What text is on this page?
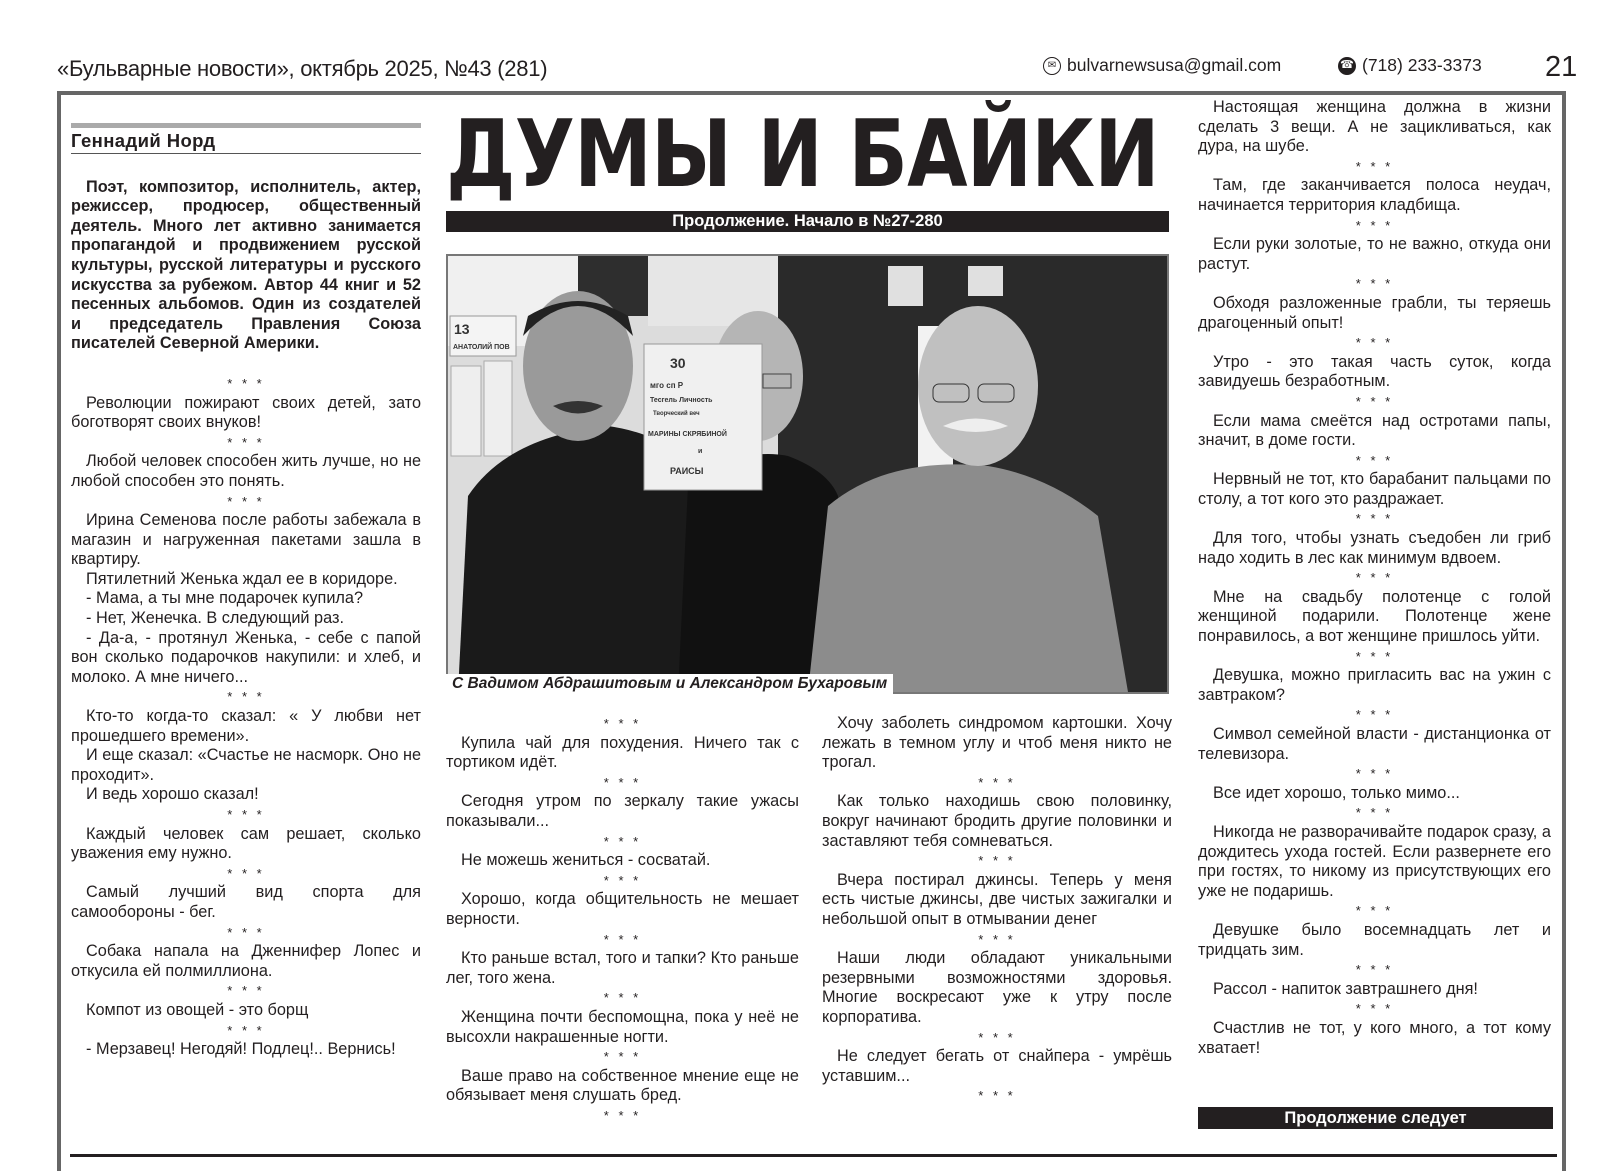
«Бульварные новости», октябрь 2025, №43 (281)	✉ bulvarnewsusa@gmail.com	☎ (718) 233-3373 21
Геннадий Норд
Поэт, композитор, исполнитель, актер, режиссер, продюсер, общественный деятель. Много лет активно занимается пропагандой и продвижением русской культуры, русской литературы и русского искусства за рубежом. Автор 44 книг и 52 песенных альбомов. Один из создателей и председатель Правления Союза писателей Северной Америки.
* * *

Революции пожирают своих детей, зато боготворят своих внуков!

* * *

Любой человек способен жить лучше, но не любой способен это понять.

* * *

Ирина Семенова после работы забежала в магазин и нагруженная пакетами зашла в квартиру.

Пятилетний Женька ждал ее в коридоре.

- Мама, а ты мне подарочек купила?

- Нет, Женечка. В следующий раз.

- Да-а, - протянул Женька, - себе с папой вон сколько подарочков накупили: и хлеб, и молоко. А мне ничего...

* * *

Кто-то когда-то сказал: « У любви нет прошедшего времени».

И еще сказал: «Счастье не насморк. Оно не проходит».

И ведь хорошо сказал!

* * *

Каждый человек сам решает, сколько уважения ему нужно.

* * *

Самый лучший вид спорта для самообороны - бег.

* * *

Собака напала на Дженнифер Лопес и откусила ей полмиллиона.

* * *

Компот из овощей - это борщ

* * *

- Мерзавец! Негодяй! Подлец!.. Вернись!

ДУМЫ И БАЙКИ
Продолжение. Начало в №27-280
13
АНАТОЛИЙ ПОВ
30
мго сп Р
Тесгель Личность
Творческий веч
МАРИНЫ СКРЯБИНОЙ
и
РАИСЫ
С Вадимом Абдрашитовым и Александром Бухаровым
* * *

Купила чай для похудения. Ничего так с тортиком идёт.

* * *

Сегодня утром по зеркалу такие ужасы показывали...

* * *

Не можешь жениться - сосватай.

* * *

Хорошо, когда общительность не мешает верности.

* * *

Кто раньше встал, того и тапки? Кто раньше лег, того жена.

* * *

Женщина почти беспомощна, пока у неё не высохли накрашенные ногти.

* * *

Ваше право на собственное мнение еще не обязывает меня слушать бред.

* * *

Хочу заболеть синдромом картошки. Хочу лежать в темном углу и чтоб меня никто не трогал.

* * *

Как только находишь свою половинку, вокруг начинают бродить другие половинки и заставляют тебя сомневаться.

* * *

Вчера постирал джинсы. Теперь у меня есть чистые джинсы, две чистых зажигалки и небольшой опыт в отмывании денег

* * *

Наши люди обладают уникальными резервными возможностями здоровья. Многие воскресают уже к утру после корпоратива.

* * *

Не следует бегать от снайпера - умрёшь уставшим...

* * *

Настоящая женщина должна в жизни сделать 3 вещи. А не зацикливаться, как дура, на шубе.

* * *

Там, где заканчивается полоса неудач, начинается территория кладбища.

* * *

Если руки золотые, то не важно, откуда они растут.

* * *

Обходя разложенные грабли, ты теряешь драгоценный опыт!

* * *

Утро - это такая часть суток, когда завидуешь безработным.

* * *

Если мама смеётся над остротами папы, значит, в доме гости.

* * *

Нервный не тот, кто барабанит пальцами по столу, а тот кого это раздражает.

* * *

Для того, чтобы узнать съедобен ли гриб надо ходить в лес как минимум вдвоем.

* * *

Мне на свадьбу полотенце с голой женщиной подарили. Полотенце жене понравилось, а вот женщине пришлось уйти.

* * *

Девушка, можно пригласить вас на ужин с завтраком?

* * *

Символ семейной власти - дистанционка от телевизора.

* * *

Все идет хорошо, только мимо...

* * *

Никогда не разворачивайте подарок сразу, а дождитесь ухода гостей. Если развернете его при гостях, то никому из присутствующих его уже не подаришь.

* * *

Девушке было восемнадцать лет и тридцать зим.

* * *

Рассол - напиток завтрашнего дня!

* * *

Счастлив не тот, у кого много, а тот кому хватает!

Продолжение следует
